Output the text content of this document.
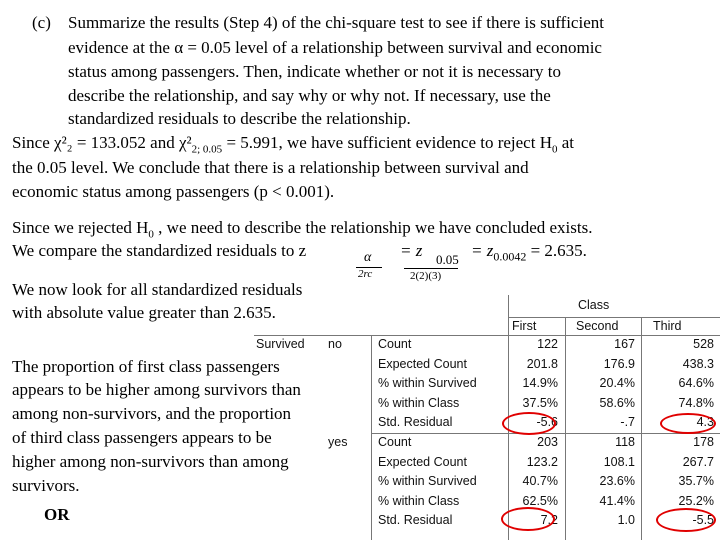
(c) Summarize the results (Step 4) of the chi-square test to see if there is sufficient
evidence at the α = 0.05 level of a relationship between survival and economic
status among passengers. Then, indicate whether or not it is necessary to
describe the relationship, and say why or why not. If necessary, use the
standardized residuals to describe the relationship.
Since χ²₂ = 133.052 and $\chi^2_{2; 0.05} = 5.991$, we have sufficient evidence to reject $H_0$ at
the 0.05 level. We conclude that there is a relationship between survival and
economic status among passengers (p < 0.001).
Since we rejected $H_0$ , we need to describe the relationship we have concluded exists.
We compare the standardized residuals to z	α
2rc
= z 0.05
2(2)(3)
= $z_{0.0042} = 2.635$.
We now look for all standardized residuals
with absolute value greater than 2.635.
The proportion of first class passengers
appears to be higher among survivors than
among non-survivors, and the proportion
of third class passengers appears to be
higher among non-survivors than among
survivors.
OR
Class
First	Second	Third
Survived no
yes
Count	122	167	528
Expected Count	201.8	176.9	438.3
% within Survived	14.9%	20.4%	64.6%
% within Class	37.5%	58.6%	74.8%
Std. Residual	-5.6	-.7	4.3
Count	203	118	178
Expected Count	123.2	108.1	267.7
% within Survived	40.7%	23.6%	35.7%
% within Class	62.5%	41.4%	25.2%
Std. Residual	7.2	1.0	-5.5
